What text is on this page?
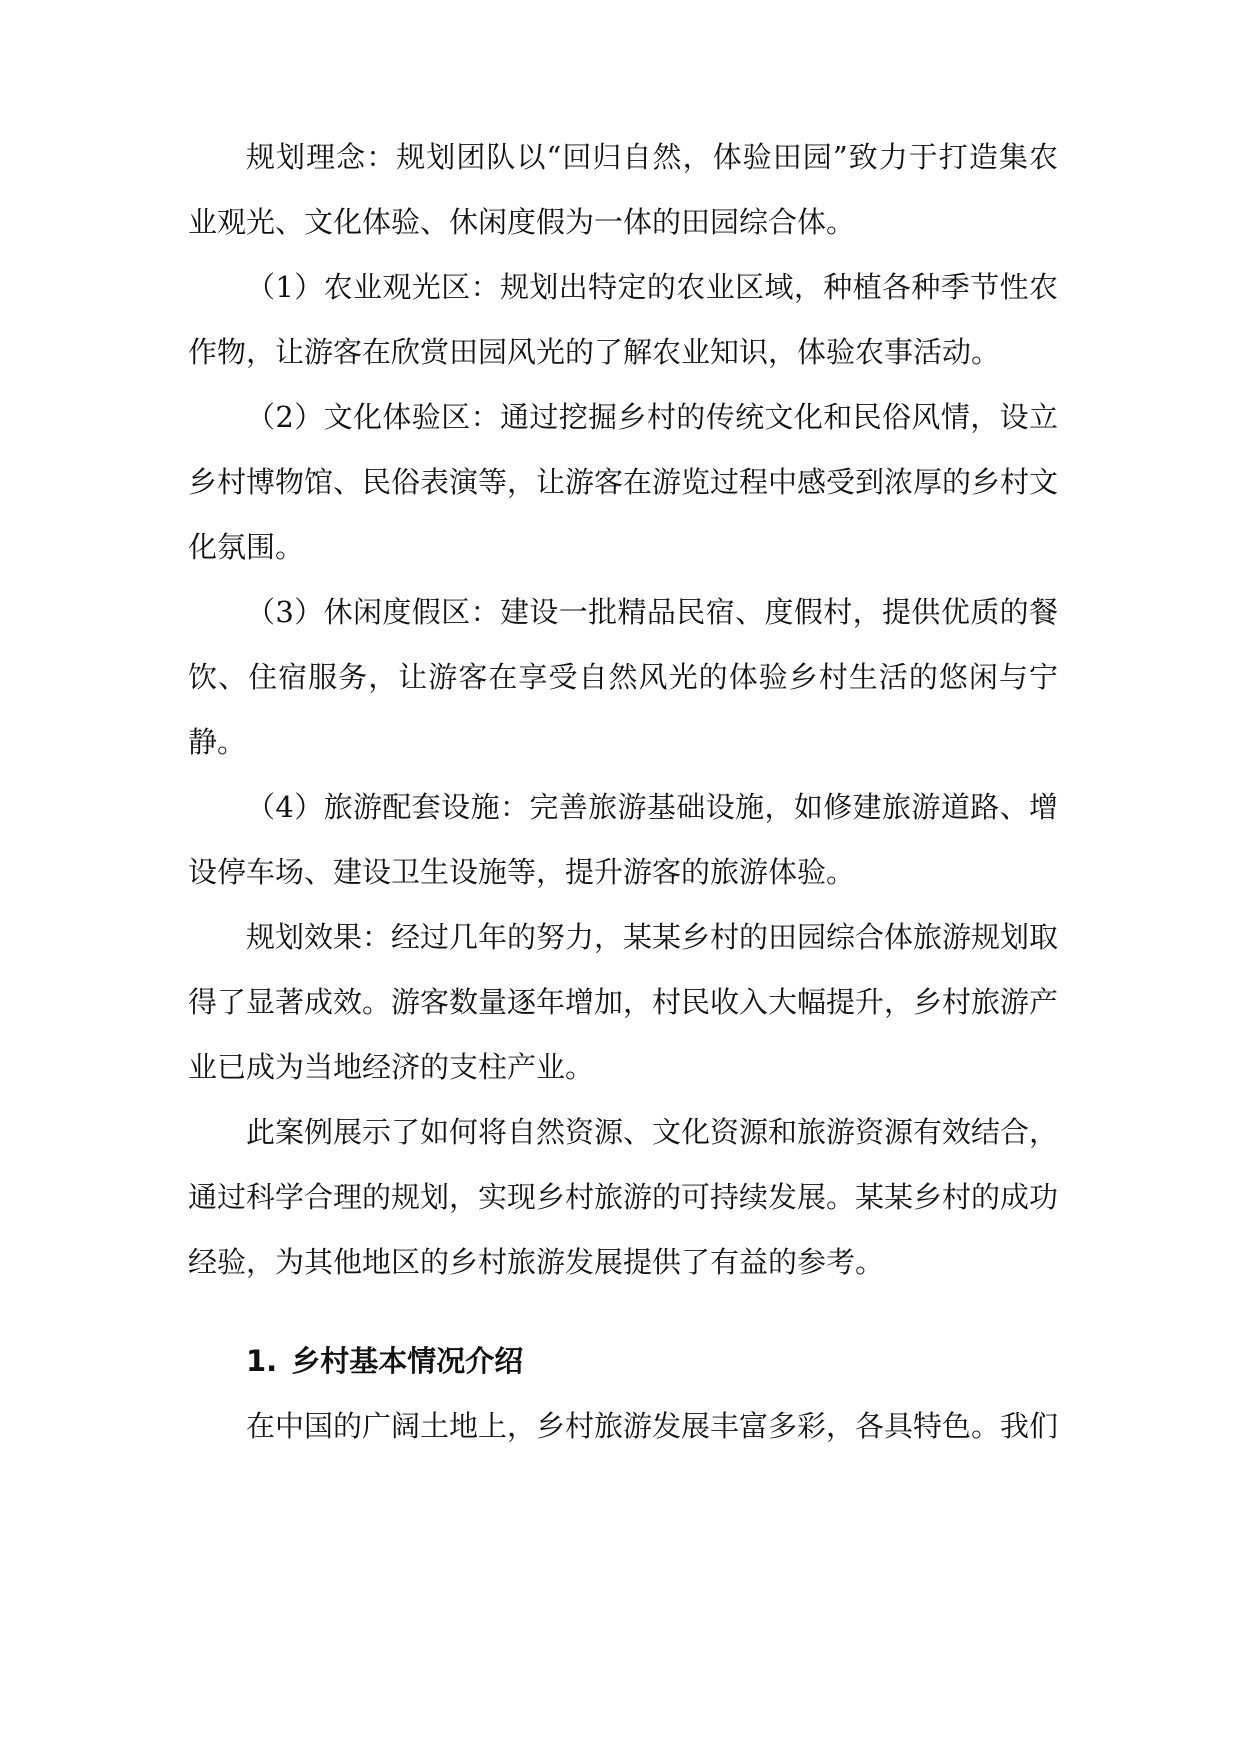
规划理念：规划团队以“回归自然，体验田园”致力于打造集农业观光、文化体验、休闲度假为一体的田园综合体。

（1）农业观光区：规划出特定的农业区域，种植各种季节性农作物，让游客在欣赏田园风光的了解农业知识，体验农事活动。

（2）文化体验区：通过挖掘乡村的传统文化和民俗风情，设立乡村博物馆、民俗表演等，让游客在游览过程中感受到浓厚的乡村文化氛围。

（3）休闲度假区：建设一批精品民宿、度假村，提供优质的餐饮、住宿服务，让游客在享受自然风光的体验乡村生活的悠闲与宁静。

（4）旅游配套设施：完善旅游基础设施，如修建旅游道路、增设停车场、建设卫生设施等，提升游客的旅游体验。

规划效果：经过几年的努力，某某乡村的田园综合体旅游规划取得了显著成效。游客数量逐年增加，村民收入大幅提升，乡村旅游产业已成为当地经济的支柱产业。

此案例展示了如何将自然资源、文化资源和旅游资源有效结合，通过科学合理的规划，实现乡村旅游的可持续发展。某某乡村的成功经验，为其他地区的乡村旅游发展提供了有益的参考。

1. 乡村基本情况介绍

在中国的广阔土地上，乡村旅游发展丰富多彩，各具特色。我们
